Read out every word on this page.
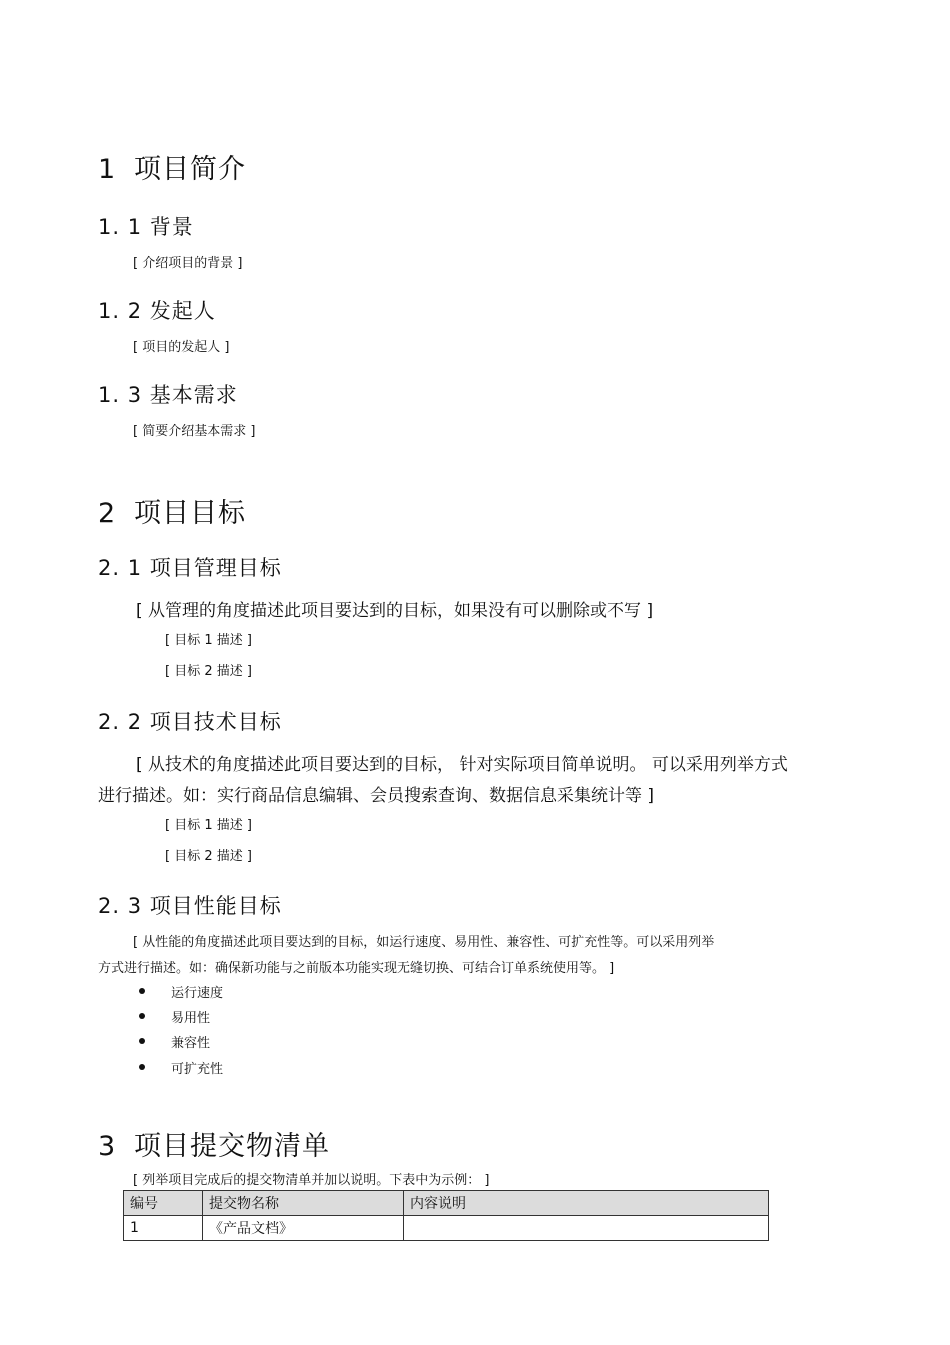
1 项目简介
1. 1 背景
[ 介绍项目的背景 ]
1. 2 发起人
[ 项目的发起人 ]
1. 3 基本需求
[ 简要介绍基本需求 ]
2 项目目标
2. 1 项目管理目标
[ 从管理的角度描述此项目要达到的目标，如果没有可以删除或不写 ]
[ 目标 1 描述 ]
[ 目标 2 描述 ]
2. 2 项目技术目标
[ 从技术的角度描述此项目要达到的目标， 针对实际项目简单说明。 可以采用列举方式
进行描述。如：实行商品信息编辑、会员搜索查询、数据信息采集统计等 ]
[ 目标 1 描述 ]
[ 目标 2 描述 ]
2. 3 项目性能目标
[ 从性能的角度描述此项目要达到的目标，如运行速度、易用性、兼容性、可扩充性等。可以采用列举
方式进行描述。如：确保新功能与之前版本功能实现无缝切换、可结合订单系统使用等。 ]
运行速度
易用性
兼容性
可扩充性
3 项目提交物清单
[ 列举项目完成后的提交物清单并加以说明。下表中为示例： ]
编号	提交物名称	内容说明
1	《产品文档》	
